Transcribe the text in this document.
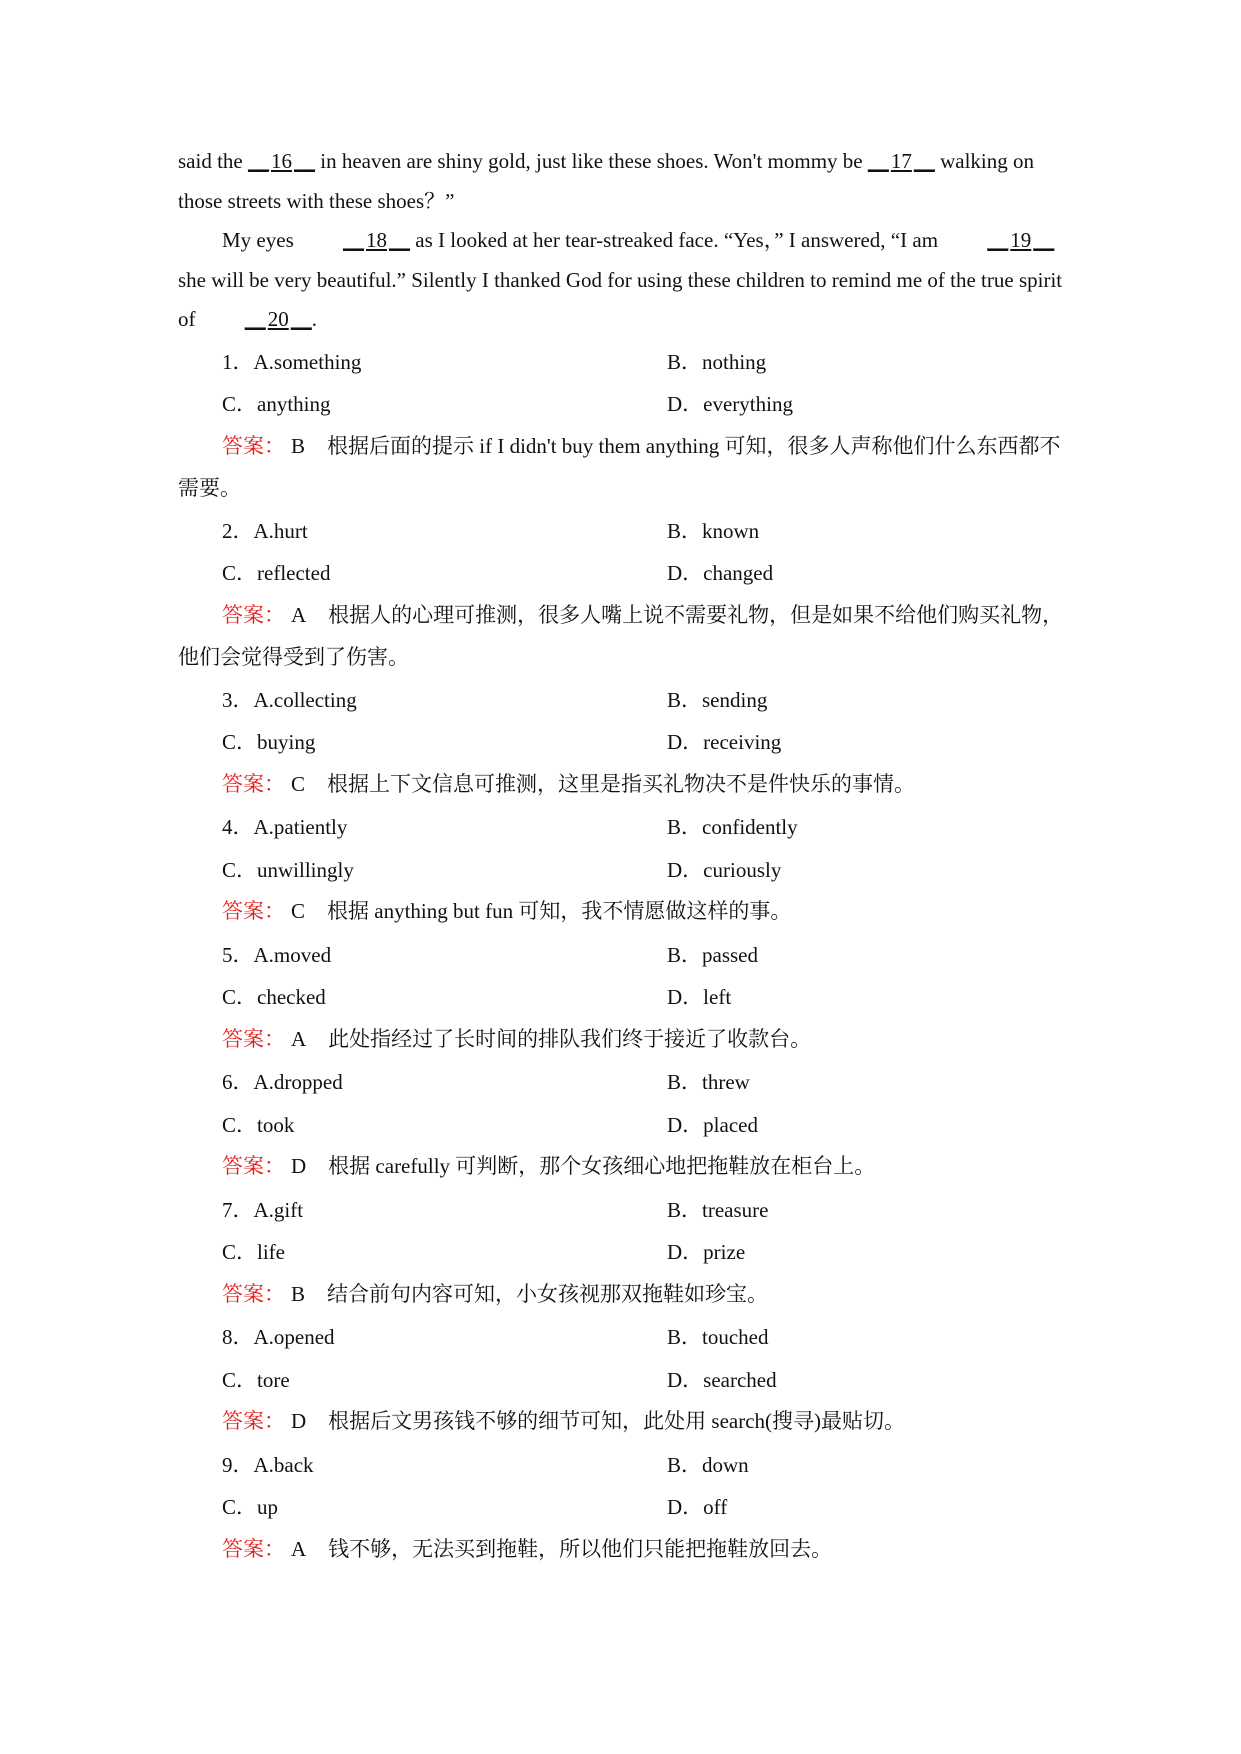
said the __16__ in heaven are shiny gold, just like these shoes. Won't mommy be __17__ walking on those streets with these shoes？”

My eyes __18__ as I looked at her tear-streaked face. “Yes，” I answered, “I am __19__ she will be very beautiful.” Silently I thanked God for using these children to remind me of the true spirit of __20__.

1．A.something	B．nothing
C．anything	D．everything

答案： B 根据后面的提示 if I didn't buy them anything 可知，很多人声称他们什么东西都不需要。

2．A.hurt	B．known
C．reflected	D．changed

答案： A 根据人的心理可推测，很多人嘴上说不需要礼物，但是如果不给他们购买礼物，他们会觉得受到了伤害。

3．A.collecting	B．sending
C．buying	D．receiving

答案： C 根据上下文信息可推测，这里是指买礼物决不是件快乐的事情。

4．A.patiently	B．confidently
C．unwillingly	D．curiously

答案： C 根据 anything but fun 可知，我不情愿做这样的事。

5．A.moved	B．passed
C．checked	D．left

答案： A 此处指经过了长时间的排队我们终于接近了收款台。

6．A.dropped	B．threw
C．took	D．placed

答案： D 根据 carefully 可判断，那个女孩细心地把拖鞋放在柜台上。

7．A.gift	B．treasure
C．life	D．prize

答案： B 结合前句内容可知，小女孩视那双拖鞋如珍宝。

8．A.opened	B．touched
C．tore	D．searched

答案： D 根据后文男孩钱不够的细节可知，此处用 search(搜寻)最贴切。

9．A.back	B．down
C．up	D．off

答案： A 钱不够，无法买到拖鞋，所以他们只能把拖鞋放回去。
